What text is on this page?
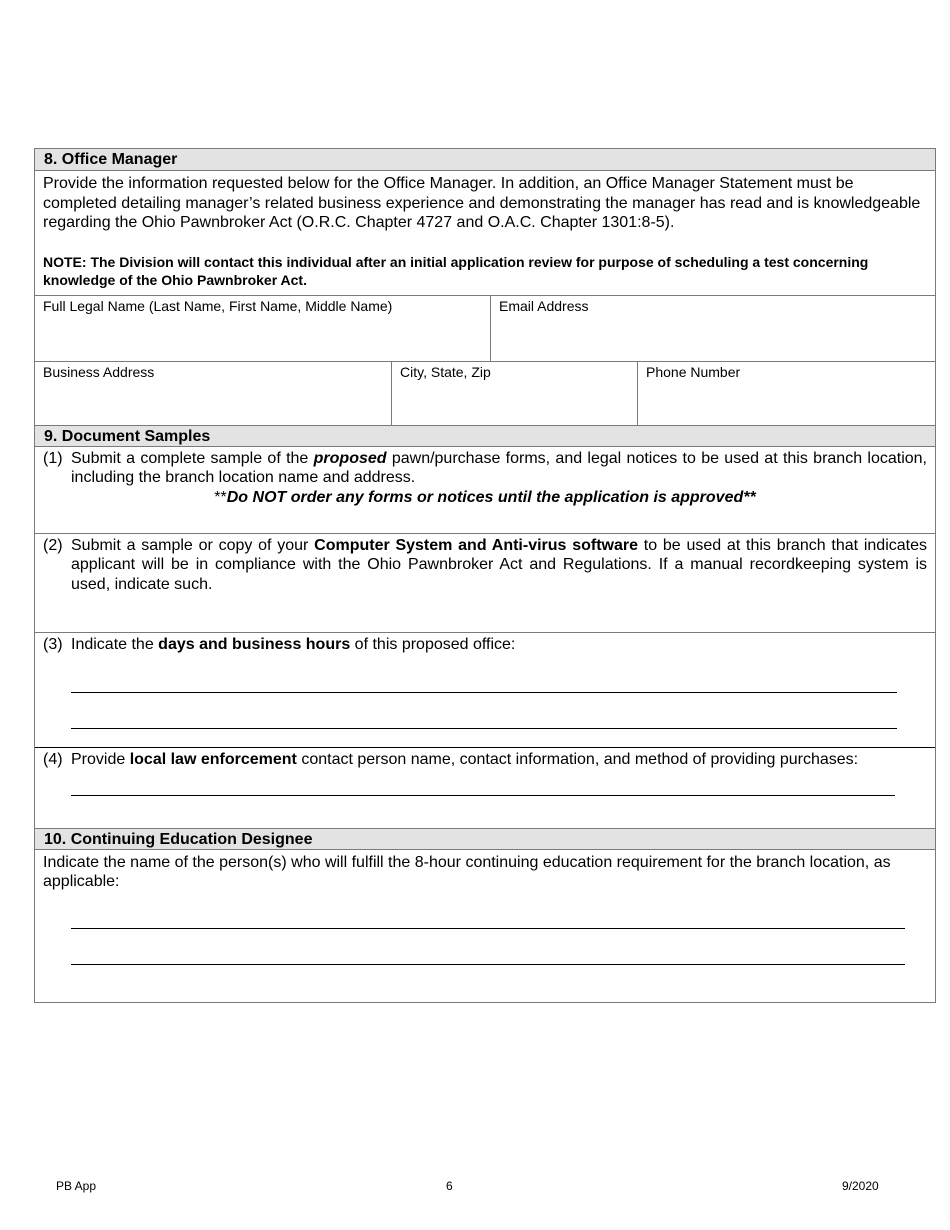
8. Office Manager
Provide the information requested below for the Office Manager. In addition, an Office Manager Statement must be completed detailing manager’s related business experience and demonstrating the manager has read and is knowledgeable regarding the Ohio Pawnbroker Act (O.R.C. Chapter 4727 and O.A.C. Chapter 1301:8-5).
NOTE: The Division will contact this individual after an initial application review for purpose of scheduling a test concerning knowledge of the Ohio Pawnbroker Act.
Full Legal Name (Last Name, First Name, Middle Name)	Email Address
Business Address	City, State, Zip	Phone Number
9. Document Samples
(1) Submit a complete sample of the proposed pawn/purchase forms, and legal notices to be used at this branch location, including the branch location name and address.
**Do NOT order any forms or notices until the application is approved**
(2) Submit a sample or copy of your Computer System and Anti-virus software to be used at this branch that indicates applicant will be in compliance with the Ohio Pawnbroker Act and Regulations. If a manual recordkeeping system is used, indicate such.
(3) Indicate the days and business hours of this proposed office:
(4) Provide local law enforcement contact person name, contact information, and method of providing purchases:
10. Continuing Education Designee
Indicate the name of the person(s) who will fulfill the 8-hour continuing education requirement for the branch location, as applicable:
PB App	6	9/2020
